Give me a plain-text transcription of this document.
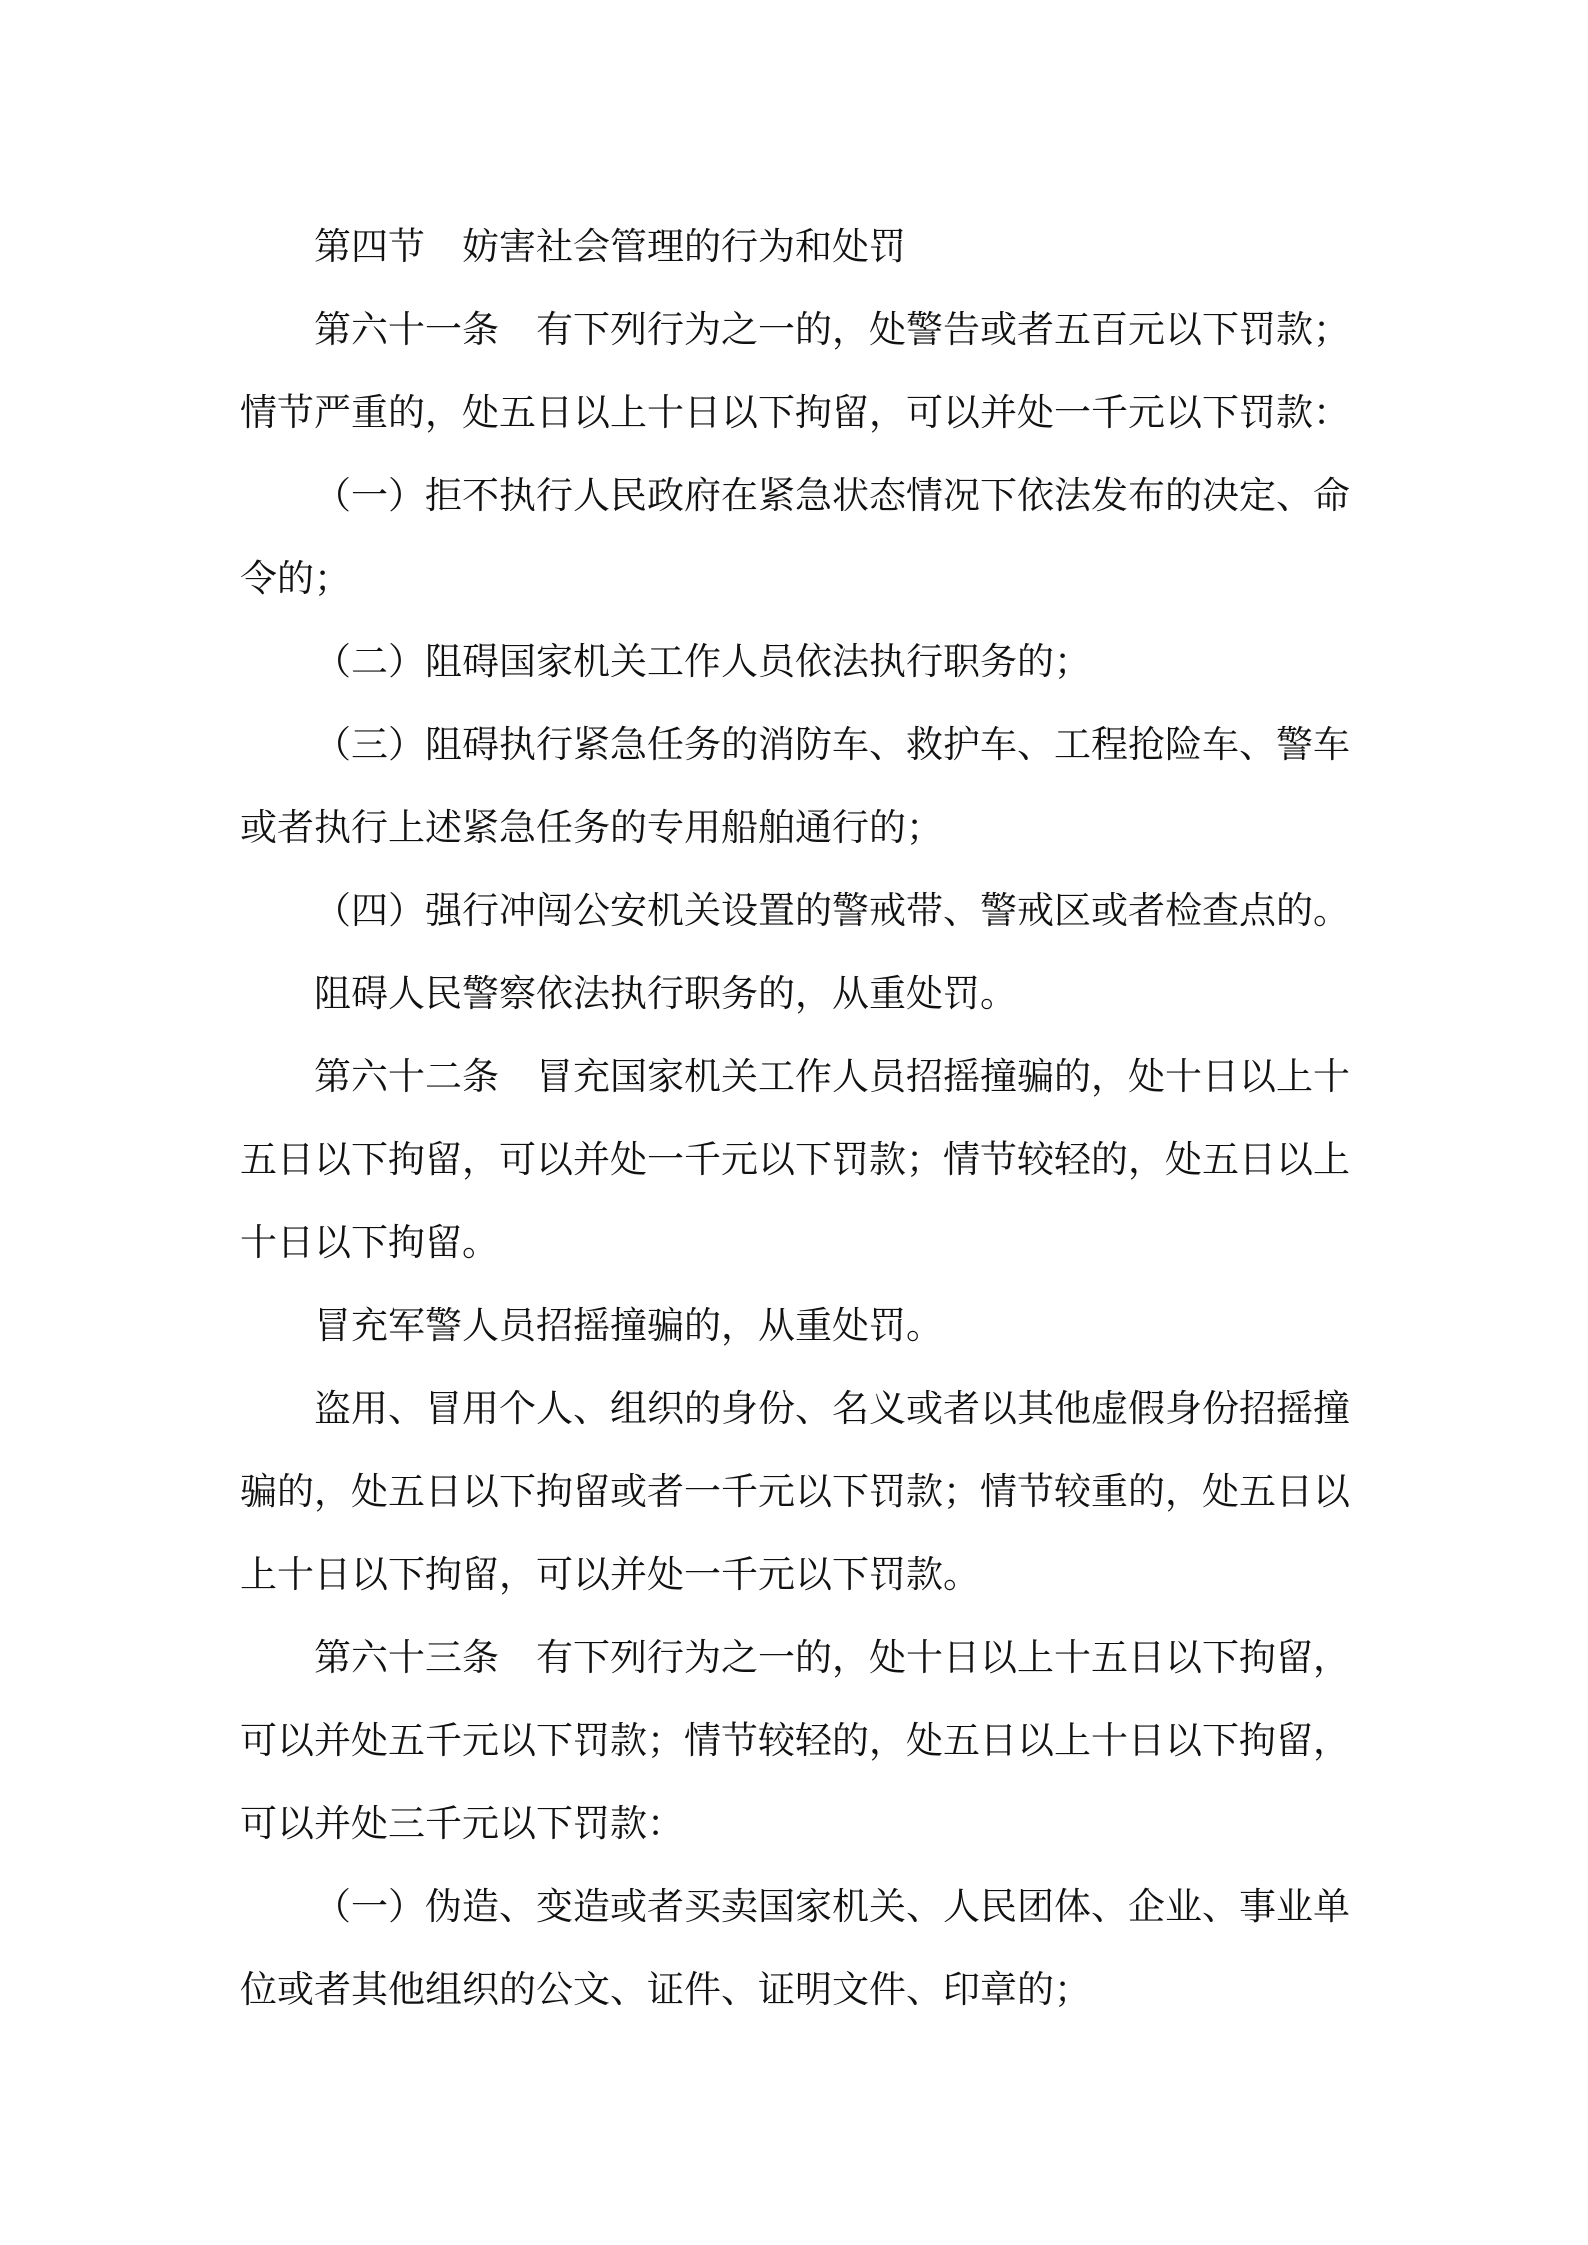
第四节　妨害社会管理的行为和处罚

第六十一条　有下列行为之一的，处警告或者五百元以下罚款；情节严重的，处五日以上十日以下拘留，可以并处一千元以下罚款：

（一）拒不执行人民政府在紧急状态情况下依法发布的决定、命令的；

（二）阻碍国家机关工作人员依法执行职务的；

（三）阻碍执行紧急任务的消防车、救护车、工程抢险车、警车或者执行上述紧急任务的专用船舶通行的；

（四）强行冲闯公安机关设置的警戒带、警戒区或者检查点的。

阻碍人民警察依法执行职务的，从重处罚。

第六十二条　冒充国家机关工作人员招摇撞骗的，处十日以上十五日以下拘留，可以并处一千元以下罚款；情节较轻的，处五日以上十日以下拘留。

冒充军警人员招摇撞骗的，从重处罚。

盗用、冒用个人、组织的身份、名义或者以其他虚假身份招摇撞骗的，处五日以下拘留或者一千元以下罚款；情节较重的，处五日以上十日以下拘留，可以并处一千元以下罚款。

第六十三条　有下列行为之一的，处十日以上十五日以下拘留，可以并处五千元以下罚款；情节较轻的，处五日以上十日以下拘留，可以并处三千元以下罚款：

（一）伪造、变造或者买卖国家机关、人民团体、企业、事业单位或者其他组织的公文、证件、证明文件、印章的；
